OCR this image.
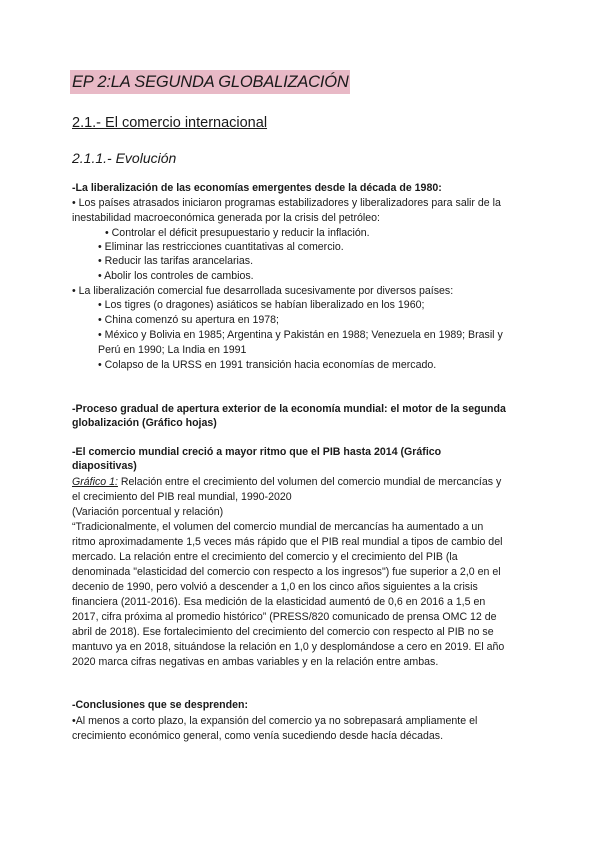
EP 2:LA SEGUNDA GLOBALIZACIÓN
2.1.- El comercio internacional
2.1.1.- Evolución
-La liberalización de las economías emergentes desde la década de 1980:
• Los países atrasados iniciaron programas estabilizadores y liberalizadores para salir de la
inestabilidad macroeconómica generada por la crisis del petróleo:
• Controlar el déficit presupuestario y reducir la inflación.
• Eliminar las restricciones cuantitativas al comercio.
• Reducir las tarifas arancelarias.
• Abolir los controles de cambios.
• La liberalización comercial fue desarrollada sucesivamente por diversos países:
• Los tigres (o dragones) asiáticos se habían liberalizado en los 1960;
• China comenzó su apertura en 1978;
• México y Bolivia en 1985; Argentina y Pakistán en 1988; Venezuela en 1989; Brasil y
Perú en 1990; La India en 1991
• Colapso de la URSS en 1991 transición hacia economías de mercado.
-Proceso gradual de apertura exterior de la economía mundial: el motor de la segunda
globalización (Gráfico hojas)
-El comercio mundial creció a mayor ritmo que el PIB hasta 2014 (Gráfico
diapositivas)
Gráfico 1: Relación entre el crecimiento del volumen del comercio mundial de mercancías y
el crecimiento del PIB real mundial, 1990-2020
(Variación porcentual y relación)
“Tradicionalmente, el volumen del comercio mundial de mercancías ha aumentado a un
ritmo aproximadamente 1,5 veces más rápido que el PIB real mundial a tipos de cambio del
mercado. La relación entre el crecimiento del comercio y el crecimiento del PIB (la
denominada "elasticidad del comercio con respecto a los ingresos") fue superior a 2,0 en el
decenio de 1990, pero volvió a descender a 1,0 en los cinco años siguientes a la crisis
financiera (2011-2016). Esa medición de la elasticidad aumentó de 0,6 en 2016 a 1,5 en
2017, cifra próxima al promedio histórico” (PRESS/820 comunicado de prensa OMC 12 de
abril de 2018). Ese fortalecimiento del crecimiento del comercio con respecto al PIB no se
mantuvo ya en 2018, situándose la relación en 1,0 y desplomándose a cero en 2019. El año
2020 marca cifras negativas en ambas variables y en la relación entre ambas.
-Conclusiones que se desprenden:
•Al menos a corto plazo, la expansión del comercio ya no sobrepasará ampliamente el
crecimiento económico general, como venía sucediendo desde hacía décadas.
